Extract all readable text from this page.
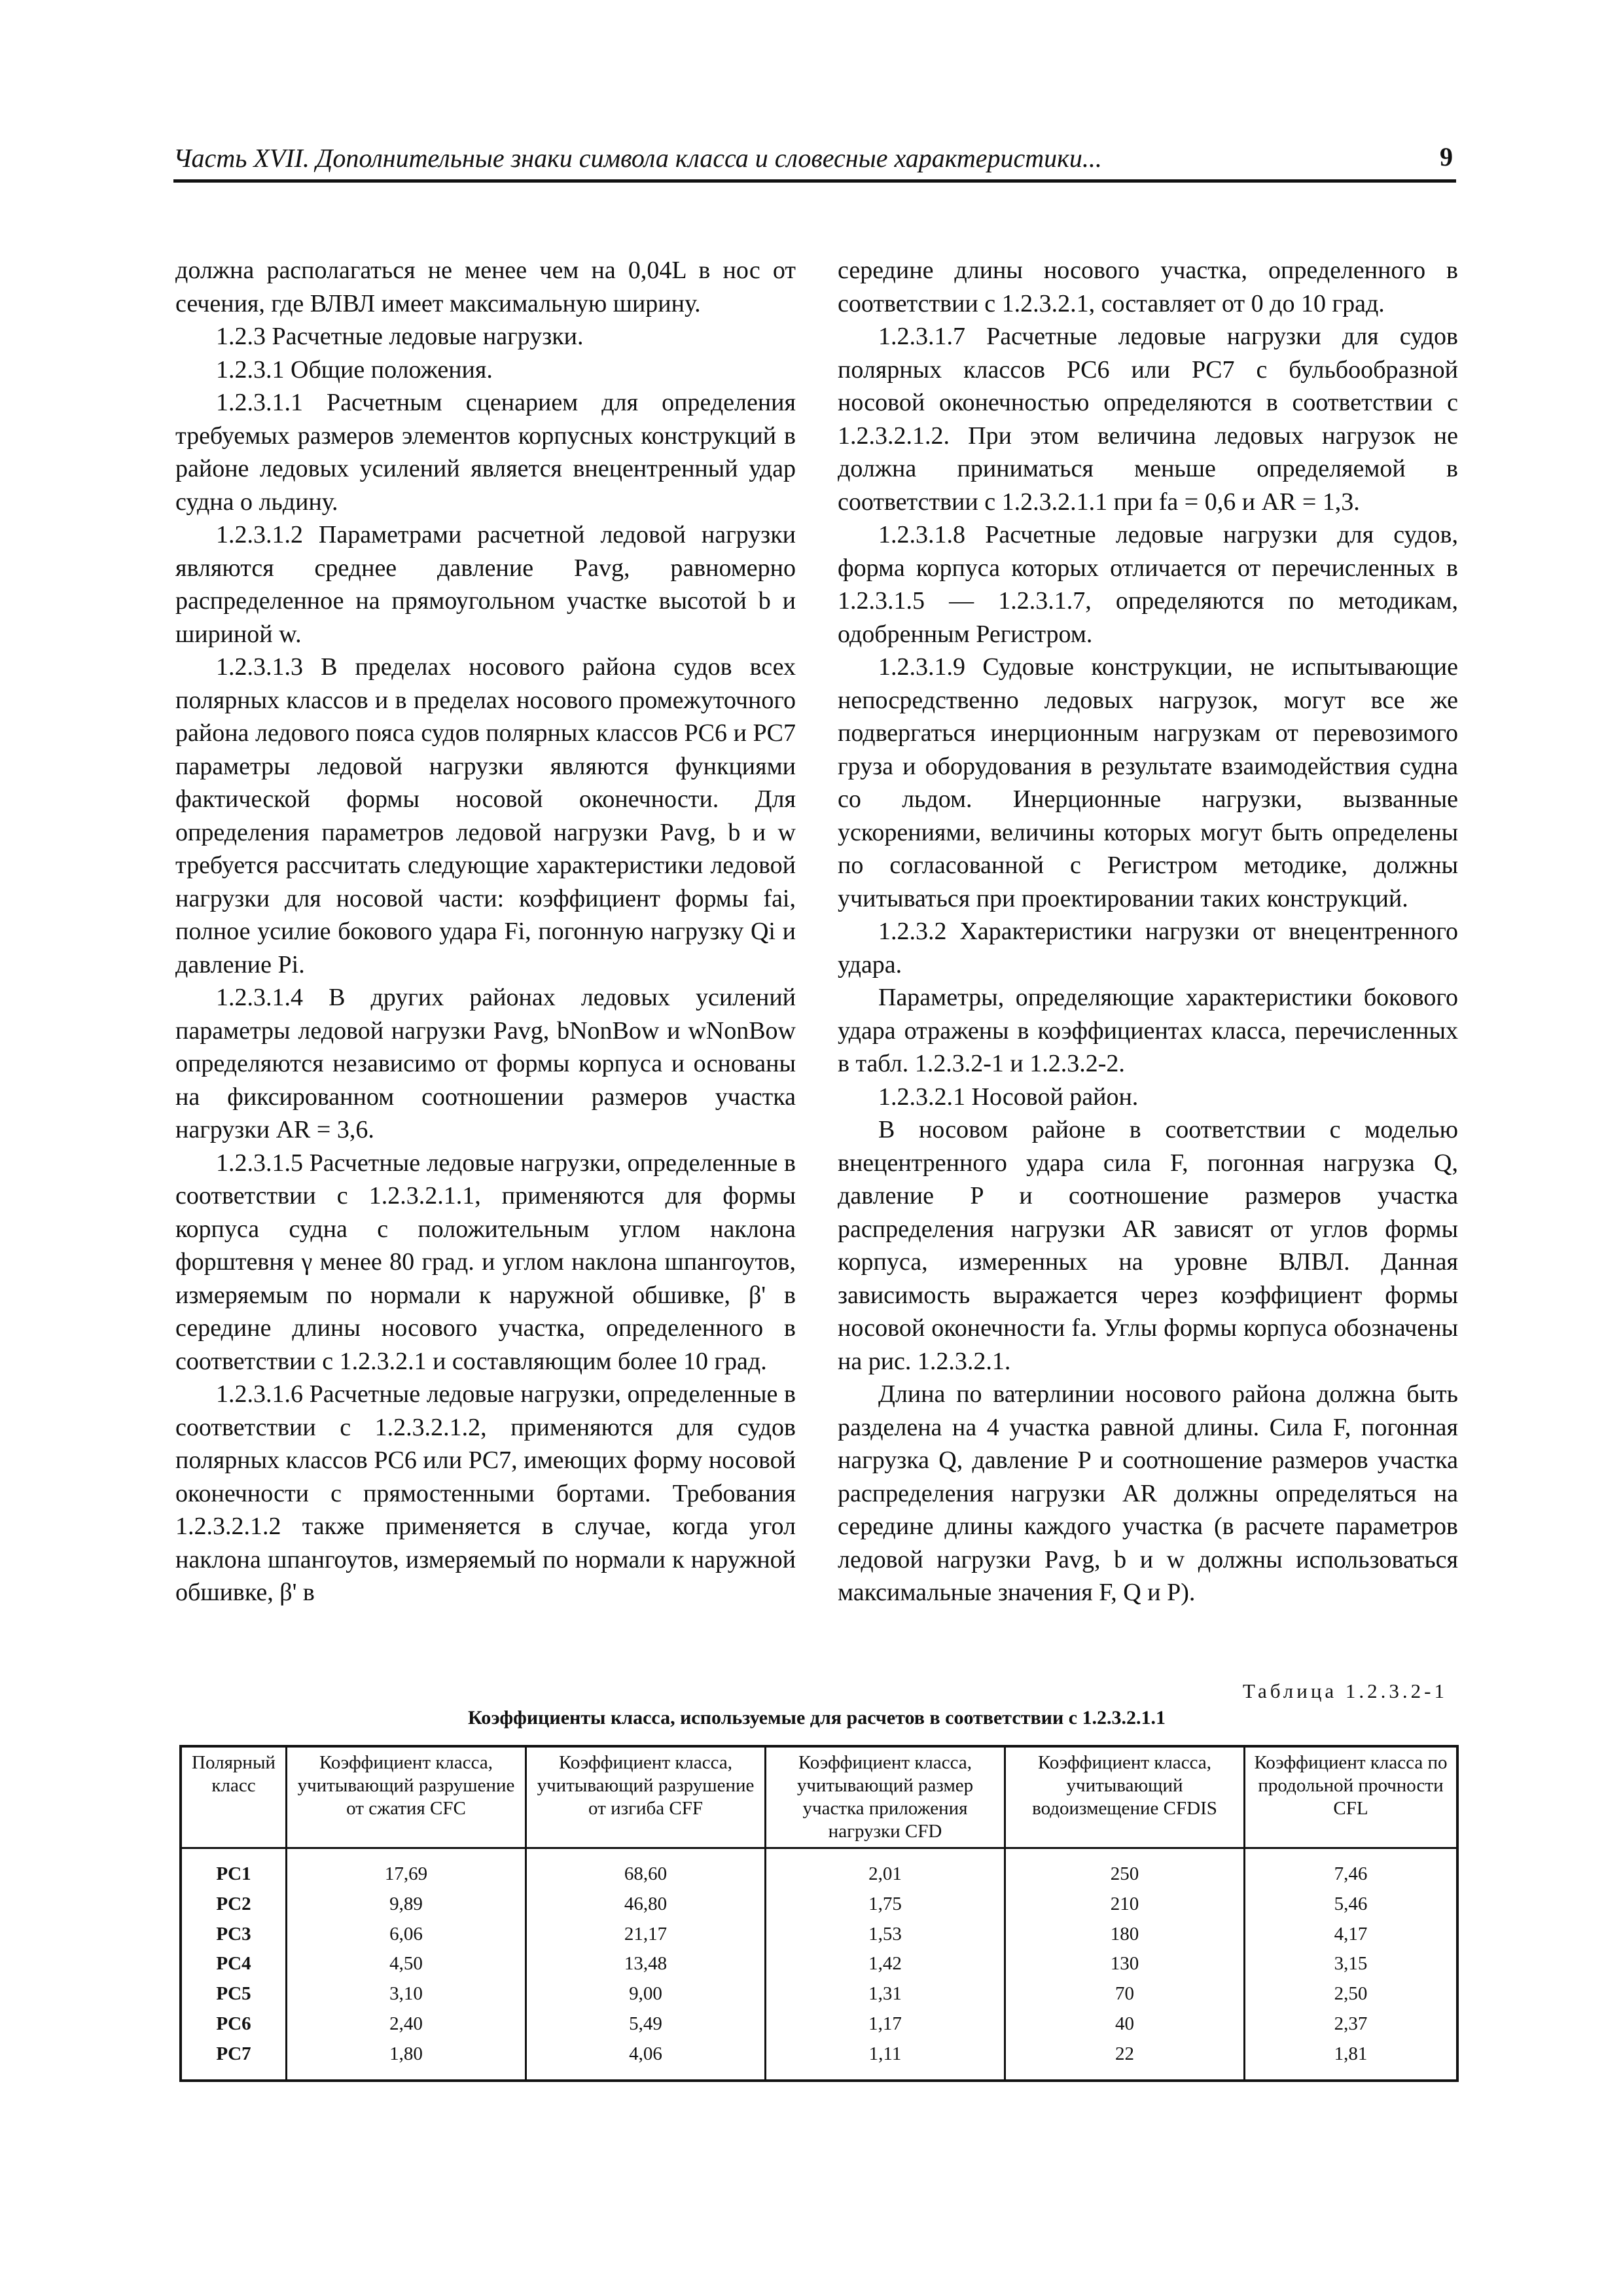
Часть XVII. Дополнительные знаки символа класса и словесные характеристики...	9

должна располагаться не менее чем на 0,04L в нос от сечения, где ВЛВЛ имеет максимальную ширину.

1.2.3 Расчетные ледовые нагрузки.

1.2.3.1 Общие положения.

1.2.3.1.1 Расчетным сценарием для определения требуемых размеров элементов корпусных конструкций в районе ледовых усилений является внецентренный удар судна о льдину.

1.2.3.1.2 Параметрами расчетной ледовой нагрузки являются среднее давление Pavg, равномерно распределенное на прямоугольном участке высотой b и шириной w.

1.2.3.1.3 В пределах носового района судов всех полярных классов и в пределах носового промежуточного района ледового пояса судов полярных классов PC6 и PC7 параметры ледовой нагрузки являются функциями фактической формы носовой оконечности. Для определения параметров ледовой нагрузки Pavg, b и w требуется рассчитать следующие характеристики ледовой нагрузки для носовой части: коэффициент формы fai, полное усилие бокового удара Fi, погонную нагрузку Qi и давление Pi.

1.2.3.1.4 В других районах ледовых усилений параметры ледовой нагрузки Pavg, bNonBow и wNonBow определяются независимо от формы корпуса и основаны на фиксированном соотношении размеров участка нагрузки AR = 3,6.

1.2.3.1.5 Расчетные ледовые нагрузки, определенные в соответствии с 1.2.3.2.1.1, применяются для формы корпуса судна с положительным углом наклона форштевня γ менее 80 град. и углом наклона шпангоутов, измеряемым по нормали к наружной обшивке, β' в середине длины носового участка, определенного в соответствии с 1.2.3.2.1 и составляющим более 10 град.

1.2.3.1.6 Расчетные ледовые нагрузки, определенные в соответствии с 1.2.3.2.1.2, применяются для судов полярных классов PC6 или PC7, имеющих форму носовой оконечности с прямостенными бортами. Требования 1.2.3.2.1.2 также применяется в случае, когда угол наклона шпангоутов, измеряемый по нормали к наружной обшивке, β' в

середине длины носового участка, определенного в соответствии с 1.2.3.2.1, составляет от 0 до 10 град.

1.2.3.1.7 Расчетные ледовые нагрузки для судов полярных классов PC6 или PC7 с бульбообразной носовой оконечностью определяются в соответствии с 1.2.3.2.1.2. При этом величина ледовых нагрузок не должна приниматься меньше определяемой в соответствии с 1.2.3.2.1.1 при fa = 0,6 и AR = 1,3.

1.2.3.1.8 Расчетные ледовые нагрузки для судов, форма корпуса которых отличается от перечисленных в 1.2.3.1.5 — 1.2.3.1.7, определяются по методикам, одобренным Регистром.

1.2.3.1.9 Судовые конструкции, не испытывающие непосредственно ледовых нагрузок, могут все же подвергаться инерционным нагрузкам от перевозимого груза и оборудования в результате взаимодействия судна со льдом. Инерционные нагрузки, вызванные ускорениями, величины которых могут быть определены по согласованной с Регистром методике, должны учитываться при проектировании таких конструкций.

1.2.3.2 Характеристики нагрузки от внецентренного удара.

Параметры, определяющие характеристики бокового удара отражены в коэффициентах класса, перечисленных в табл. 1.2.3.2-1 и 1.2.3.2-2.

1.2.3.2.1 Носовой район.

В носовом районе в соответствии с моделью внецентренного удара сила F, погонная нагрузка Q, давление P и соотношение размеров участка распределения нагрузки AR зависят от углов формы корпуса, измеренных на уровне ВЛВЛ. Данная зависимость выражается через коэффициент формы носовой оконечности fa. Углы формы корпуса обозначены на рис. 1.2.3.2.1.

Длина по ватерлинии носового района должна быть разделена на 4 участка равной длины. Сила F, погонная нагрузка Q, давление P и соотношение размеров участка распределения нагрузки AR должны определяться на середине длины каждого участка (в расчете параметров ледовой нагрузки Pavg, b и w должны использоваться максимальные значения F, Q и P).

Таблица 1.2.3.2-1
Коэффициенты класса, используемые для расчетов в соответствии с 1.2.3.2.1.1
Полярный класс	Коэффициент класса, учитывающий разрушение от сжатия CFC	Коэффициент класса, учитывающий разрушение от изгиба CFF	Коэффициент класса, учитывающий размер участка приложения нагрузки CFD	Коэффициент класса, учитывающий водоизмещение CFDIS	Коэффициент класса по продольной прочности CFL
PC1	17,69	68,60	2,01	250	7,46
PC2	9,89	46,80	1,75	210	5,46
PC3	6,06	21,17	1,53	180	4,17
PC4	4,50	13,48	1,42	130	3,15
PC5	3,10	9,00	1,31	70	2,50
PC6	2,40	5,49	1,17	40	2,37
PC7	1,80	4,06	1,11	22	1,81
